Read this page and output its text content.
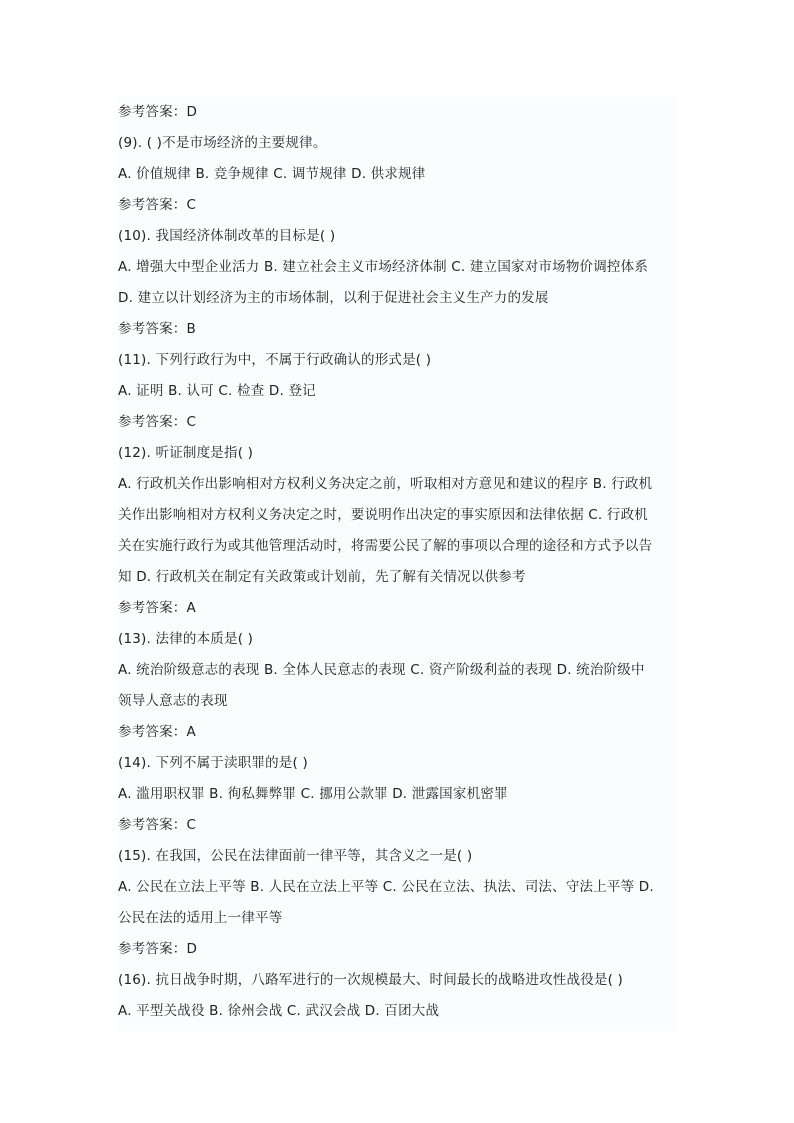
参考答案：D
(9). ( )不是市场经济的主要规律。
A. 价值规律 B. 竞争规律 C. 调节规律 D. 供求规律
参考答案：C
(10). 我国经济体制改革的目标是( )
A. 增强大中型企业活力 B. 建立社会主义市场经济体制 C. 建立国家对市场物价调控体系
D. 建立以计划经济为主的市场体制，以利于促进社会主义生产力的发展
参考答案：B
(11). 下列行政行为中，不属于行政确认的形式是( )
A. 证明 B. 认可 C. 检查 D. 登记
参考答案：C
(12). 听证制度是指( )
A. 行政机关作出影响相对方权利义务决定之前，听取相对方意见和建议的程序 B. 行政机
关作出影响相对方权利义务决定之时，要说明作出决定的事实原因和法律依据 C. 行政机
关在实施行政行为或其他管理活动时，将需要公民了解的事项以合理的途径和方式予以告
知 D. 行政机关在制定有关政策或计划前，先了解有关情况以供参考
参考答案：A
(13). 法律的本质是( )
A. 统治阶级意志的表现 B. 全体人民意志的表现 C. 资产阶级利益的表现 D. 统治阶级中
领导人意志的表现
参考答案：A
(14). 下列不属于渎职罪的是( )
A. 滥用职权罪 B. 徇私舞弊罪 C. 挪用公款罪 D. 泄露国家机密罪
参考答案：C
(15). 在我国，公民在法律面前一律平等，其含义之一是( )
A. 公民在立法上平等 B. 人民在立法上平等 C. 公民在立法、执法、司法、守法上平等 D.
公民在法的适用上一律平等
参考答案：D
(16). 抗日战争时期，八路军进行的一次规模最大、时间最长的战略进攻性战役是( )
A. 平型关战役 B. 徐州会战 C. 武汉会战 D. 百团大战
